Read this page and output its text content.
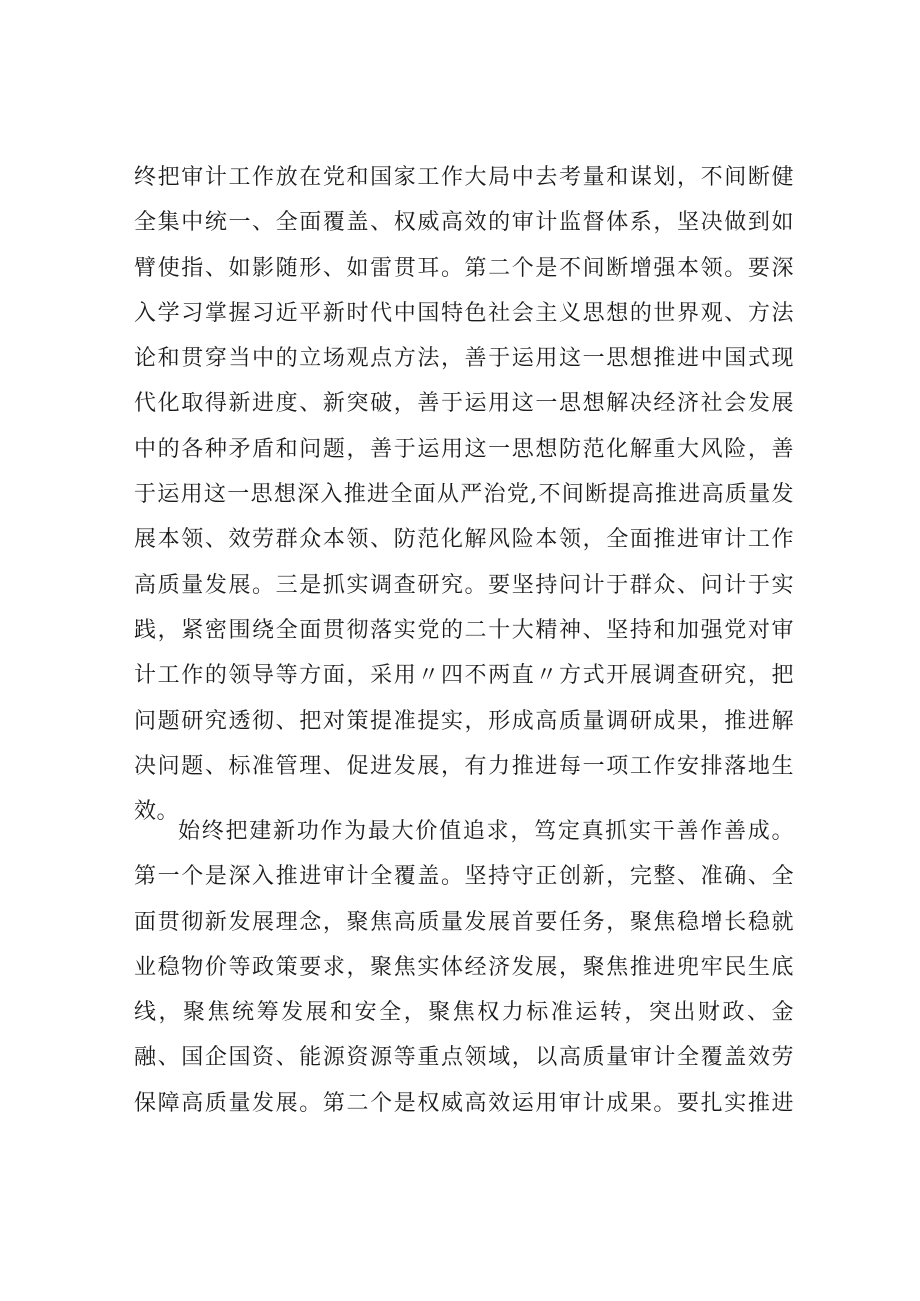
终把审计工作放在党和国家工作大局中去考量和谋划，不间断健
全集中统一、全面覆盖、权威高效的审计监督体系，坚决做到如
臂使指、如影随形、如雷贯耳。第二个是不间断增强本领。要深
入学习掌握习近平新时代中国特色社会主义思想的世界观、方法
论和贯穿当中的立场观点方法，善于运用这一思想推进中国式现
代化取得新进度、新突破，善于运用这一思想解决经济社会发展
中的各种矛盾和问题，善于运用这一思想防范化解重大风险，善
于运用这一思想深入推进全面从严治党,不间断提高推进高质量发
展本领、效劳群众本领、防范化解风险本领，全面推进审计工作
高质量发展。三是抓实调查研究。要坚持问计于群众、问计于实
践，紧密围绕全面贯彻落实党的二十大精神、坚持和加强党对审
计工作的领导等方面，采用〃四不两直〃方式开展调查研究，把
问题研究透彻、把对策提准提实，形成高质量调研成果，推进解
决问题、标准管理、促进发展，有力推进每一项工作安排落地生
效。
始终把建新功作为最大价值追求，笃定真抓实干善作善成。
第一个是深入推进审计全覆盖。坚持守正创新，完整、准确、全
面贯彻新发展理念，聚焦高质量发展首要任务，聚焦稳增长稳就
业稳物价等政策要求，聚焦实体经济发展，聚焦推进兜牢民生底
线，聚焦统筹发展和安全，聚焦权力标准运转，突出财政、金
融、国企国资、能源资源等重点领域，以高质量审计全覆盖效劳
保障高质量发展。第二个是权威高效运用审计成果。要扎实推进
